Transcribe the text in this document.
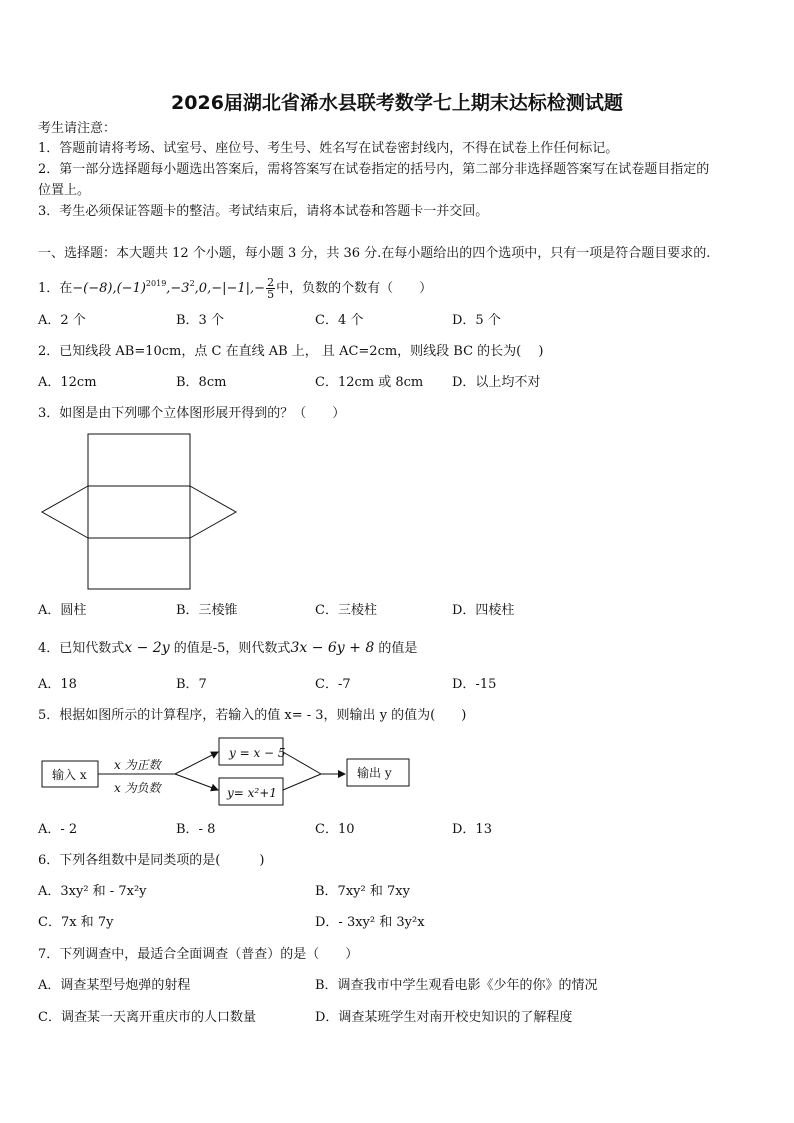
2026届湖北省浠水县联考数学七上期末达标检测试题
考生请注意：
1．答题前请将考场、试室号、座位号、考生号、姓名写在试卷密封线内，不得在试卷上作任何标记。
2．第一部分选择题每小题选出答案后，需将答案写在试卷指定的括号内，第二部分非选择题答案写在试卷题目指定的
位置上。
3．考生必须保证答题卡的整洁。考试结束后，请将本试卷和答题卡一并交回。
一、选择题：本大题共 12 个小题，每小题 3 分，共 36 分.在每小题给出的四个选项中，只有一项是符合题目要求的.
1．在$-(-8),(-1)^{2019},-3^2,0,-|-1|,- \frac{2}{5}$ 中，负数的个数有（　　）
A．2 个	B．3 个	C．4 个	D．5 个
2．已知线段 AB=10cm，点 C 在直线 AB 上， 且 AC=2cm，则线段 BC 的长为(　 )
A．12cm	B．8cm	C．12cm 或 8cm D．以上均不对
3．如图是由下列哪个立体图形展开得到的？（　　）
A．圆柱	B．三棱锥	C．三棱柱	D．四棱柱
4．已知代数式x − 2y 的值是-5，则代数式3x − 6y + 8 的值是
A．18	B．7	C．-7	D．-15
5．根据如图所示的计算程序，若输入的值 x= - 3，则输出 y 的值为(　　)
输入 x
x 为正数
x 为负数
y = x − 5
y= x²+1
输出 y
A．- 2	B．- 8	C．10	D．13
6．下列各组数中是同类项的是(　　　)
A．3xy² 和 - 7x²y	B．7xy² 和 7xy
C．7x 和 7y	D．- 3xy² 和 3y²x
7．下列调查中，最适合全面调查（普查）的是（　　）
A．调查某型号炮弹的射程	B．调查我市中学生观看电影《少年的你》的情况
C．调查某一天离开重庆市的人口数量	D．调查某班学生对南开校史知识的了解程度
